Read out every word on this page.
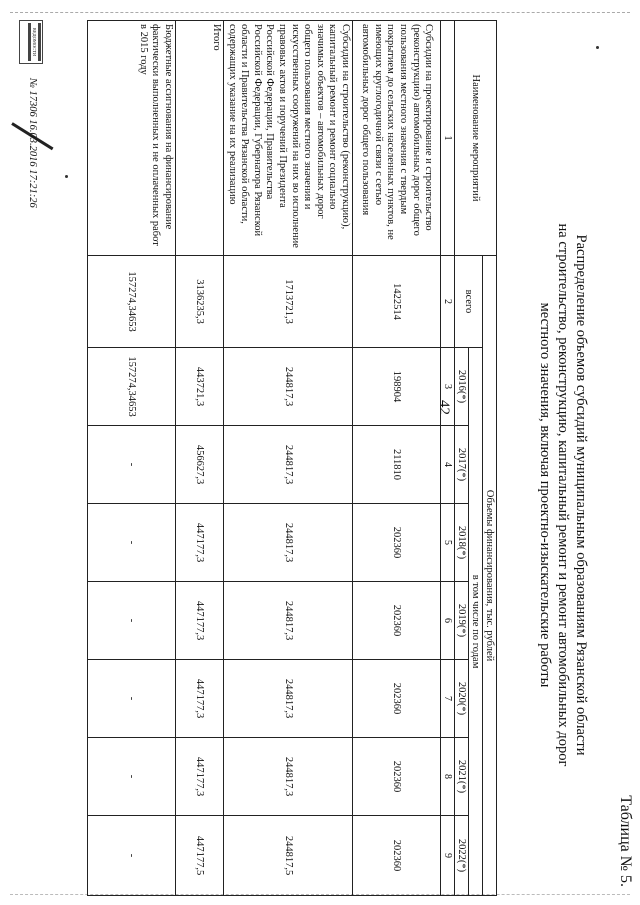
42
Таблица № 5.
Распределение объемов субсидий муниципальным образованиям Рязанской области
на строительство, реконструкцию, капитальный ремонт и ремонт автомобильных дорог
местного значения, включая проектно-изыскательские работы
Наименование мероприятий	Объемы финансирования, тыс. рублей							
	всего	в том числе по годам						
		2016(*)	2017(*)	2018(*)	2019(*)	2020(*)	2021(*)	2022(*)
1	2	3	4	5	6	7	8	9
Субсидии на проектирование и строительство (реконструкцию) автомобильных дорог общего пользования местного значения с твердым покрытием до сельских населенных пунктов, не имеющих круглогодичной связи с сетью автомобильных дорог общего пользования	1422514	198904	211810	202360	202360	202360	202360	202360
Субсидии на строительство (реконструкцию), капитальный ремонт и ремонт социально значимых объектов – автомобильных дорог общего пользования местного значения и искусственных сооружений на них во исполнение правовых актов и поручений Президента Российской Федерации, Правительства Российской Федерации, Губернатора Рязанской области и Правительства Рязанской области, содержащих указание на их реализацию	1713721,3	244817,3	244817,3	244817,3	244817,3	244817,3	244817,3	244817,5
Итого	3136235,3	443721,3	456627,3	447177,3	447177,3	447177,3	447177,3	447177,5
Бюджетные ассигнования на финансирование фактически выполненных и не оплаченных работ в 2015 году	157274,34653	157274,34653	-	-	-	-	-	-
ВЕДОМОСТИ
№ 17306 16.03.2016 17:21:26
